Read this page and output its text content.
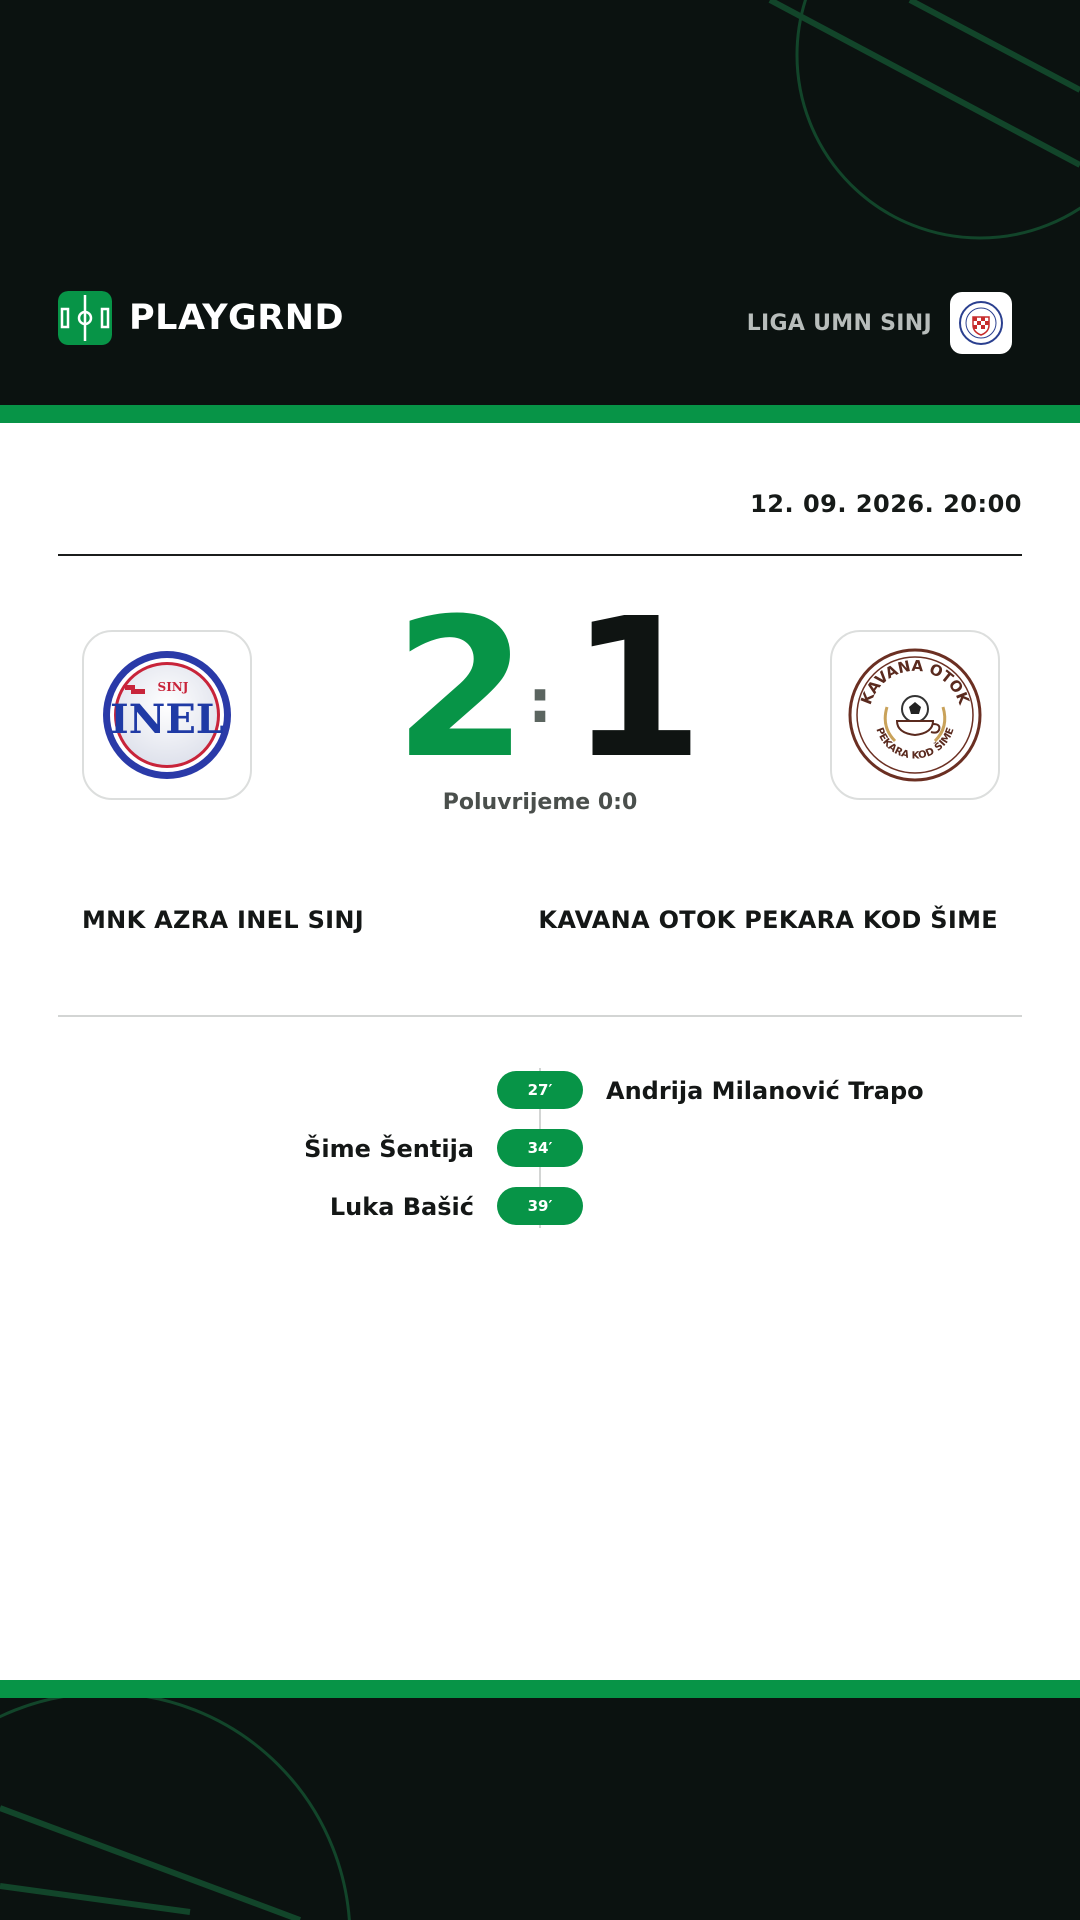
PLAYGRND	LIGA UMN SINJ
12. 09. 2026. 20:00
SINJ
INEL 2 : 1
Poluvrijeme 0:0
KAVANA OTOK
PEKARA KOD ŠIME
MNK AZRA INEL SINJ	KAVANA OTOK PEKARA KOD ŠIME
27′	Andrija Milanović Trapo
Šime Šentija	34′
Luka Bašić	39′
